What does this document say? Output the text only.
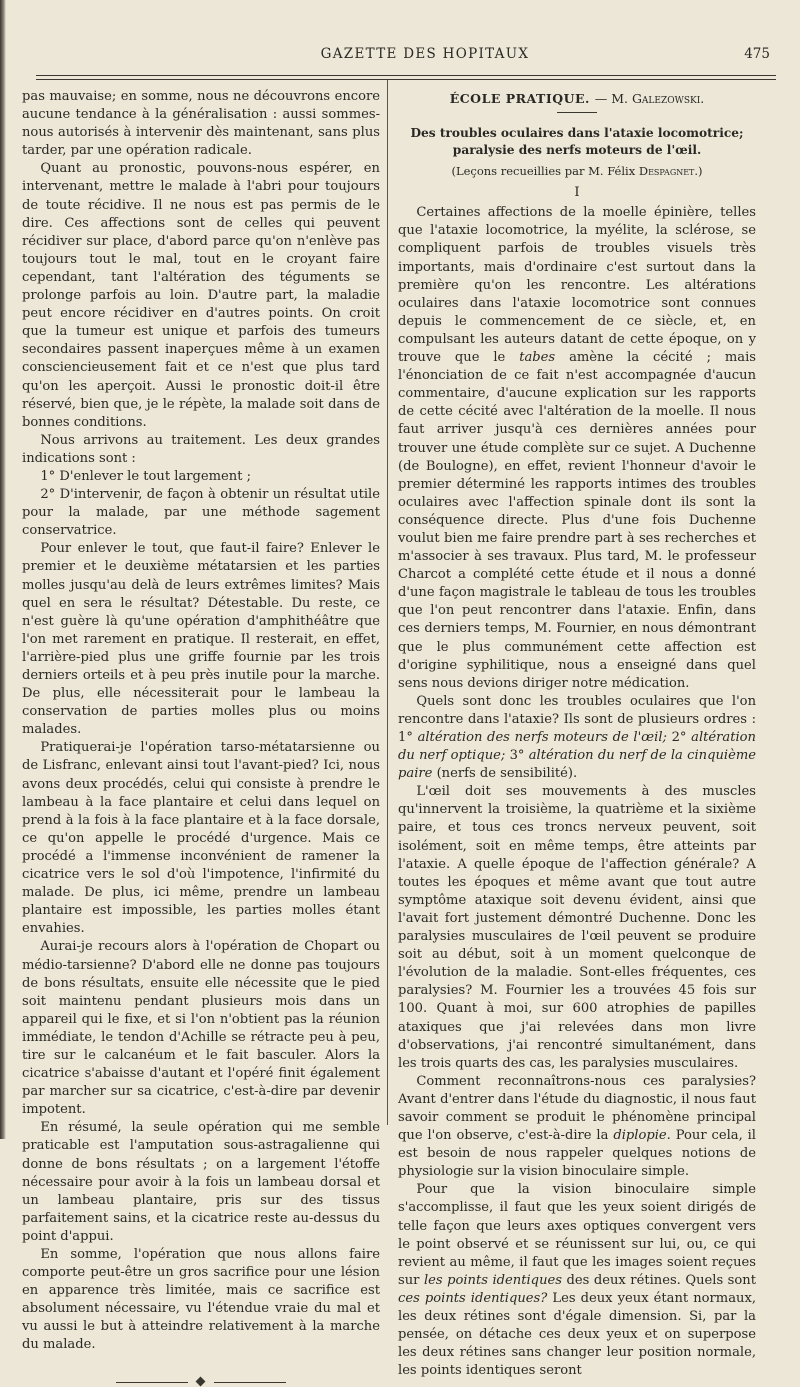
GAZETTE DES HOPITAUX	475

pas mauvaise; en somme, nous ne découvrons encore aucune tendance à la généralisation : aussi sommes-nous autorisés à intervenir dès maintenant, sans plus tarder, par une opération radicale.

Quant au pronostic, pouvons-nous espérer, en intervenant, mettre le malade à l'abri pour toujours de toute récidive. Il ne nous est pas permis de le dire. Ces affections sont de celles qui peuvent récidiver sur place, d'abord parce qu'on n'enlève pas toujours tout le mal, tout en le croyant faire cependant, tant l'altération des téguments se prolonge parfois au loin. D'autre part, la maladie peut encore récidiver en d'autres points. On croit que la tumeur est unique et parfois des tumeurs secondaires passent inaperçues même à un examen consciencieusement fait et ce n'est que plus tard qu'on les aperçoit. Aussi le pronostic doit-il être réservé, bien que, je le répète, la malade soit dans de bonnes conditions.

Nous arrivons au traitement. Les deux grandes indications sont :

1° D'enlever le tout largement ;

2° D'intervenir, de façon à obtenir un résultat utile pour la malade, par une méthode sagement conservatrice.

Pour enlever le tout, que faut-il faire? Enlever le premier et le deuxième métatarsien et les parties molles jusqu'au delà de leurs extrêmes limites? Mais quel en sera le résultat? Détestable. Du reste, ce n'est guère là qu'une opération d'amphithéâtre que l'on met rarement en pratique. Il resterait, en effet, l'arrière-pied plus une griffe fournie par les trois derniers orteils et à peu près inutile pour la marche. De plus, elle nécessiterait pour le lambeau la conservation de parties molles plus ou moins malades.

Pratiquerai-je l'opération tarso-métatarsienne ou de Lisfranc, enlevant ainsi tout l'avant-pied? Ici, nous avons deux procédés, celui qui consiste à prendre le lambeau à la face plantaire et celui dans lequel on prend à la fois à la face plantaire et à la face dorsale, ce qu'on appelle le procédé d'urgence. Mais ce procédé a l'immense inconvénient de ramener la cicatrice vers le sol d'où l'impotence, l'infirmité du malade. De plus, ici même, prendre un lambeau plantaire est impossible, les parties molles étant envahies.

Aurai-je recours alors à l'opération de Chopart ou médio-tarsienne? D'abord elle ne donne pas toujours de bons résultats, ensuite elle nécessite que le pied soit maintenu pendant plusieurs mois dans un appareil qui le fixe, et si l'on n'obtient pas la réunion immédiate, le tendon d'Achille se rétracte peu à peu, tire sur le calcanéum et le fait basculer. Alors la cicatrice s'abaisse d'autant et l'opéré finit également par marcher sur sa cicatrice, c'est-à-dire par devenir impotent.

En résumé, la seule opération qui me semble praticable est l'amputation sous-astragalienne qui donne de bons résultats ; on a largement l'étoffe nécessaire pour avoir à la fois un lambeau dorsal et un lambeau plantaire, pris sur des tissus parfaitement sains, et la cicatrice reste au-dessus du point d'appui.

En somme, l'opération que nous allons faire comporte peut-être un gros sacrifice pour une lésion en apparence très limitée, mais ce sacrifice est absolument nécessaire, vu l'étendue vraie du mal et vu aussi le but à atteindre relativement à la marche du malade.

ÉCOLE PRATIQUE. — M. Galezowski.
Des troubles oculaires dans l'ataxie locomotrice; paralysie des nerfs moteurs de l'œil.
(Leçons recueillies par M. Félix Despagnet.)
I

Certaines affections de la moelle épinière, telles que l'ataxie locomotrice, la myélite, la sclérose, se compliquent parfois de troubles visuels très importants, mais d'ordinaire c'est surtout dans la première qu'on les rencontre. Les altérations oculaires dans l'ataxie locomotrice sont connues depuis le commencement de ce siècle, et, en compulsant les auteurs datant de cette époque, on y trouve que le tabes amène la cécité ; mais l'énonciation de ce fait n'est accompagnée d'aucun commentaire, d'aucune explication sur les rapports de cette cécité avec l'altération de la moelle. Il nous faut arriver jusqu'à ces dernières années pour trouver une étude complète sur ce sujet. A Duchenne (de Boulogne), en effet, revient l'honneur d'avoir le premier déterminé les rapports intimes des troubles oculaires avec l'affection spinale dont ils sont la conséquence directe. Plus d'une fois Duchenne voulut bien me faire prendre part à ses recherches et m'associer à ses travaux. Plus tard, M. le professeur Charcot a complété cette étude et il nous a donné d'une façon magistrale le tableau de tous les troubles que l'on peut rencontrer dans l'ataxie. Enfin, dans ces derniers temps, M. Fournier, en nous démontrant que le plus communément cette affection est d'origine syphilitique, nous a enseigné dans quel sens nous devions diriger notre médication.

Quels sont donc les troubles oculaires que l'on rencontre dans l'ataxie? Ils sont de plusieurs ordres : 1° altération des nerfs moteurs de l'œil; 2° altération du nerf optique; 3° altération du nerf de la cinquième paire (nerfs de sensibilité).

L'œil doit ses mouvements à des muscles qu'innervent la troisième, la quatrième et la sixième paire, et tous ces troncs nerveux peuvent, soit isolément, soit en même temps, être atteints par l'ataxie. A quelle époque de l'affection générale? A toutes les époques et même avant que tout autre symptôme ataxique soit devenu évident, ainsi que l'avait fort justement démontré Duchenne. Donc les paralysies musculaires de l'œil peuvent se produire soit au début, soit à un moment quelconque de l'évolution de la maladie. Sont-elles fréquentes, ces paralysies? M. Fournier les a trouvées 45 fois sur 100. Quant à moi, sur 600 atrophies de papilles ataxiques que j'ai relevées dans mon livre d'observations, j'ai rencontré simultanément, dans les trois quarts des cas, les paralysies musculaires.

Comment reconnaîtrons-nous ces paralysies? Avant d'entrer dans l'étude du diagnostic, il nous faut savoir comment se produit le phénomène principal que l'on observe, c'est-à-dire la diplopie. Pour cela, il est besoin de nous rappeler quelques notions de physiologie sur la vision binoculaire simple.

Pour que la vision binoculaire simple s'accomplisse, il faut que les yeux soient dirigés de telle façon que leurs axes optiques convergent vers le point observé et se réunissent sur lui, ou, ce qui revient au même, il faut que les images soient reçues sur les points identiques des deux rétines. Quels sont ces points identiques? Les deux yeux étant normaux, les deux rétines sont d'égale dimension. Si, par la pensée, on détache ces deux yeux et on superpose les deux rétines sans changer leur position normale, les points identiques seront
